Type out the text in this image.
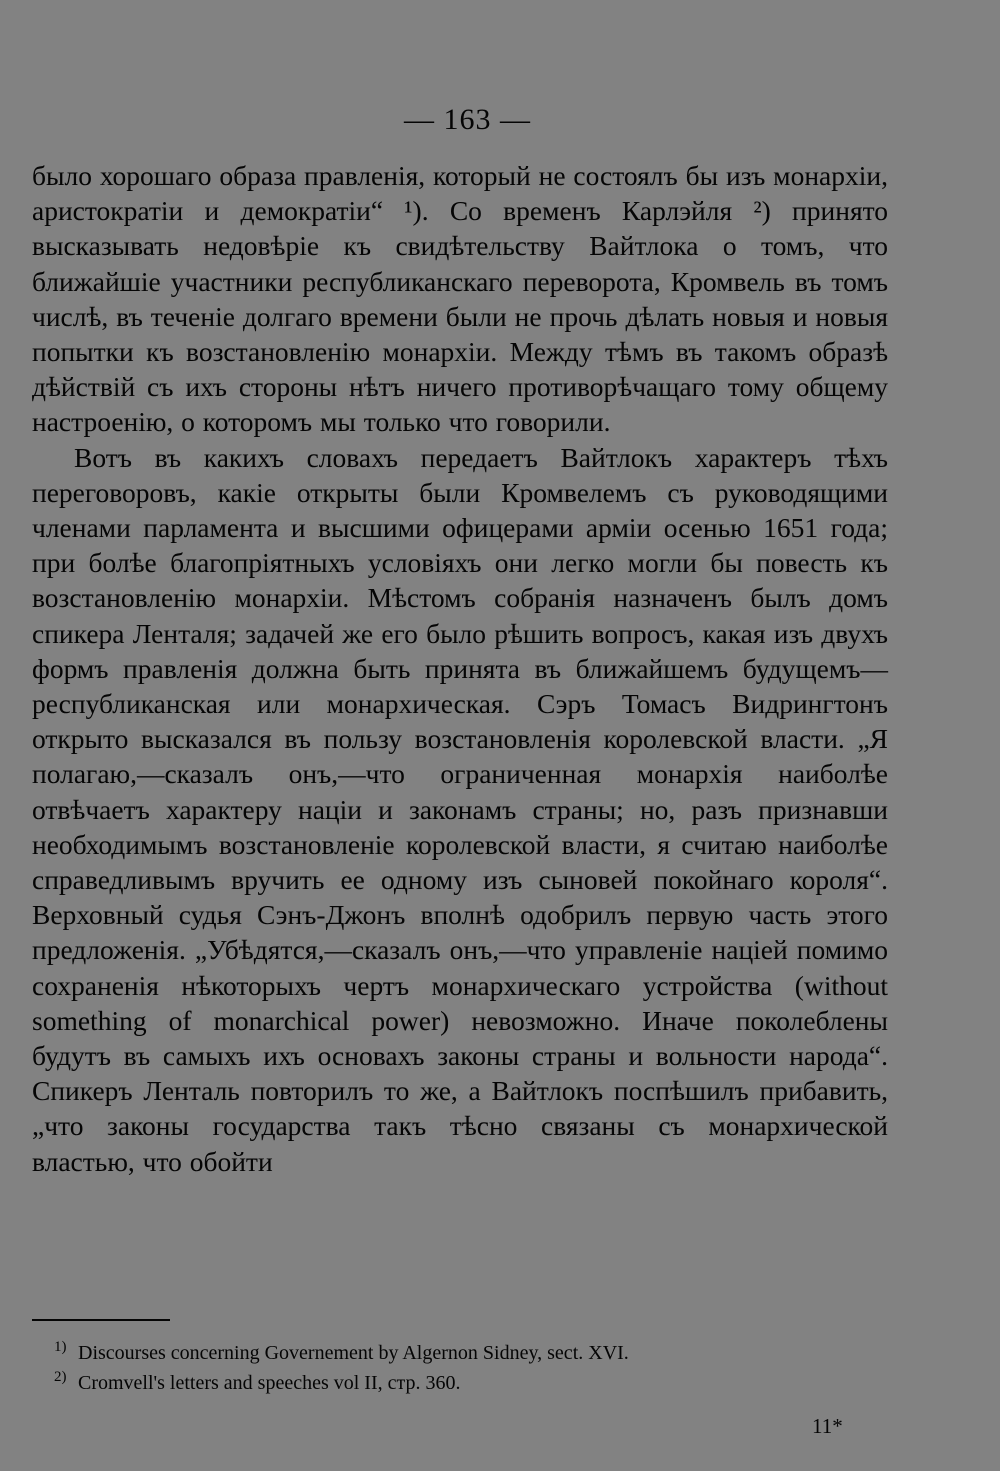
— 163 —

было хорошаго образа правленія, который не состоялъ бы изъ монархіи, аристократіи и демократіи“ ¹). Со временъ Карлэйля ²) принято высказывать недовѣріе къ свидѣтельству Вайтлока о томъ, что ближайшіе участники республиканскаго переворота, Кромвель въ томъ числѣ, въ теченіе долгаго времени были не прочь дѣлать новыя и новыя попытки къ возстановленію монархіи. Между тѣмъ въ такомъ образѣ дѣйствій съ ихъ стороны нѣтъ ничего противорѣчащаго тому общему настроенію, о которомъ мы только что говорили.

Вотъ въ какихъ словахъ передаетъ Вайтлокъ характеръ тѣхъ переговоровъ, какіе открыты были Кромвелемъ съ руководящими членами парламента и высшими офицерами арміи осенью 1651 года; при болѣе благопріятныхъ условіяхъ они легко могли бы повесть къ возстановленію монархіи. Мѣстомъ собранія назначенъ былъ домъ спикера Ленталя; задачей же его было рѣшить вопросъ, какая изъ двухъ формъ правленія должна быть принята въ ближайшемъ будущемъ—республиканская или монархическая. Сэръ Томасъ Видрингтонъ открыто высказался въ пользу возстановленія королевской власти. „Я полагаю,—сказалъ онъ,—что ограниченная монархія наиболѣе отвѣчаетъ характеру націи и законамъ страны; но, разъ признавши необходимымъ возстановленіе королевской власти, я считаю наиболѣе справедливымъ вручить ее одному изъ сыновей покойнаго короля“. Верховный судья Сэнъ-Джонъ вполнѣ одобрилъ первую часть этого предложенія. „Убѣдятся,—сказалъ онъ,—что управленіе націей помимо сохраненія нѣкоторыхъ чертъ монархическаго устройства (without something of monarchical power) невозможно. Иначе поколеблены будутъ въ самыхъ ихъ основахъ законы страны и вольности народа“. Спикеръ Ленталь повторилъ то же, а Вайтлокъ поспѣшилъ прибавить, „что законы государства такъ тѣсно связаны съ монархической властью, что обойти

1) Discourses concerning Governement by Algernon Sidney, sect. XVI.
2) Cromvell's letters and speeches vol II, стр. 360.
11*
